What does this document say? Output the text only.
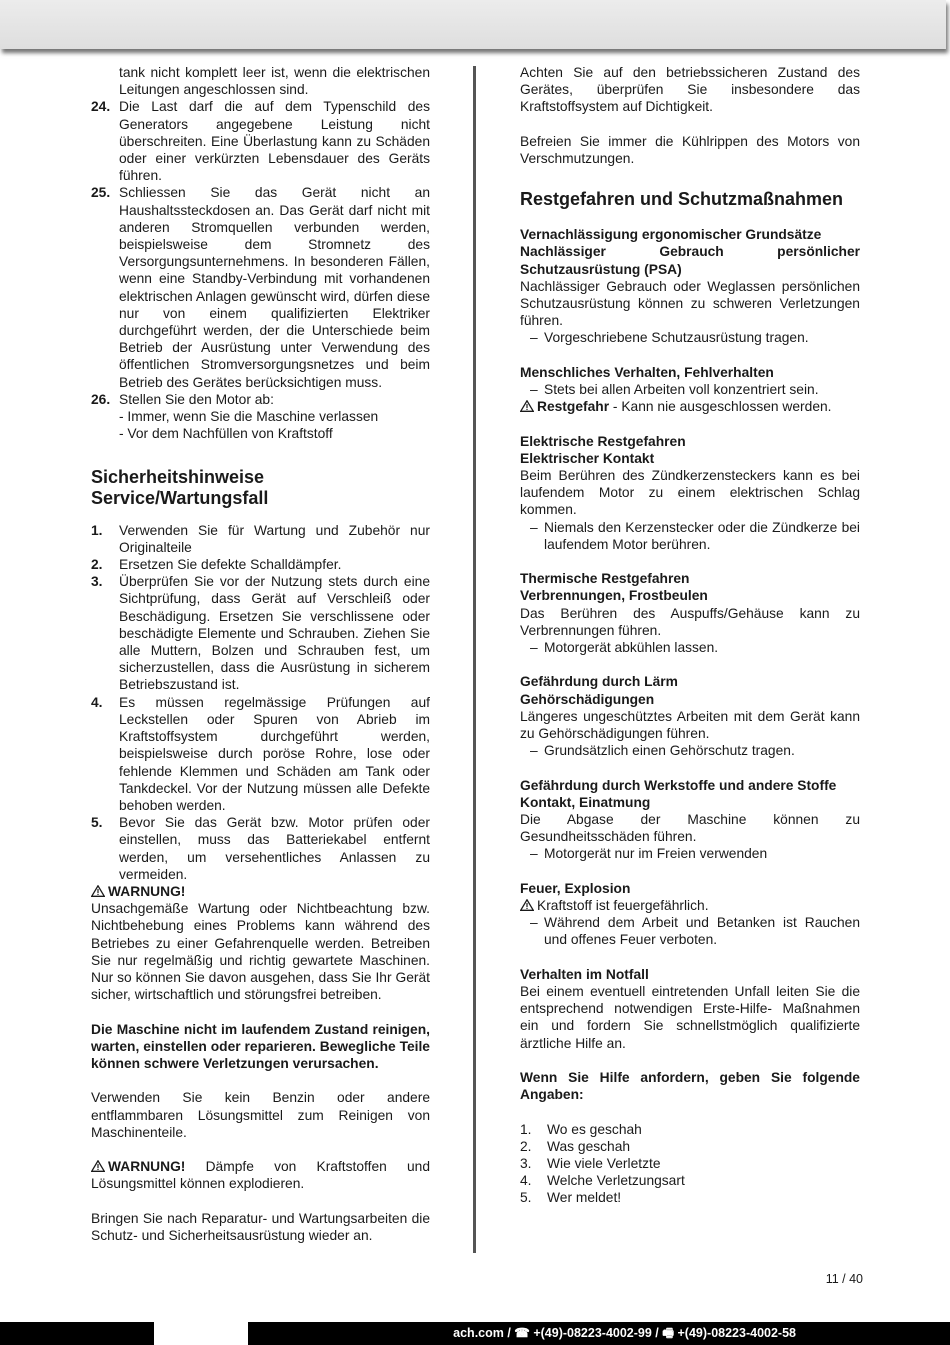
tank nicht komplett leer ist, wenn die elektrischen Leitungen angeschlossen sind.

24. Die Last darf die auf dem Typenschild des Generators angegebene Leistung nicht überschreiten. Eine Überlastung kann zu Schäden oder einer verkürzten Lebensdauer des Geräts führen.
25. Schliessen Sie das Gerät nicht an Haushaltssteckdosen an. Das Gerät darf nicht mit anderen Stromquellen verbunden werden, beispielsweise dem Stromnetz des Versorgungsunternehmens. In besonderen Fällen, wenn eine Standby-Verbindung mit vorhandenen elektrischen Anlagen gewünscht wird, dürfen diese nur von einem qualifizierten Elektriker durchgeführt werden, der die Unterschiede beim Betrieb der Ausrüstung unter Verwendung des öffentlichen Stromversorgungsnetzes und beim Betrieb des Gerätes berücksichtigen muss.
26. Stellen Sie den Motor ab:

- Immer, wenn Sie die Maschine verlassen

- Vor dem Nachfüllen von Kraftstoff

Sicherheitshinweise Service/Wartungsfall
1.	Verwenden Sie für Wartung und Zubehör nur Originalteile
2.	Ersetzen Sie defekte Schalldämpfer.
3.	Überprüfen Sie vor der Nutzung stets durch eine Sichtprüfung, dass Gerät auf Verschleiß oder Beschädigung. Ersetzen Sie verschlissene oder beschädigte Elemente und Schrauben. Ziehen Sie alle Muttern, Bolzen und Schrauben fest, um sicherzustellen, dass die Ausrüstung in sicherem Betriebszustand ist.
4.	Es müssen regelmässige Prüfungen auf Leckstellen oder Spuren von Abrieb im Kraftstoffsystem durchgeführt werden, beispielsweise durch poröse Rohre, lose oder fehlende Klemmen und Schäden am Tank oder Tankdeckel. Vor der Nutzung müssen alle Defekte behoben werden.
5.	Bevor Sie das Gerät bzw. Motor prüfen oder einstellen, muss das Batteriekabel entfernt werden, um versehentliches Anlassen zu vermeiden.

WARNUNG!

Unsachgemäße Wartung oder Nichtbeachtung bzw. Nichtbehebung eines Problems kann während des Betriebes zu einer Gefahrenquelle werden. Betreiben Sie nur regelmäßig und richtig gewartete Maschinen. Nur so können Sie davon ausgehen, dass Sie Ihr Gerät sicher, wirtschaftlich und störungsfrei betreiben.

Die Maschine nicht im laufendem Zustand reinigen, warten, einstellen oder reparieren. Bewegliche Teile können schwere Verletzungen verursachen.

Verwenden Sie kein Benzin oder andere entflammbaren Lösungsmittel zum Reinigen von Maschinenteile.

WARNUNG! Dämpfe von Kraftstoffen und Lösungsmittel können explodieren.

Bringen Sie nach Reparatur- und Wartungsarbeiten die Schutz- und Sicherheitsausrüstung wieder an.

Achten Sie auf den betriebssicheren Zustand des Gerätes, überprüfen Sie insbesondere das Kraftstoffsystem auf Dichtigkeit.

Befreien Sie immer die Kühlrippen des Motors von Verschmutzungen.

Restgefahren und Schutzmaßnahmen

Vernachlässigung ergonomischer Grundsätze

Nachlässiger Gebrauch persönlicher Schutzausrüstung (PSA)

Nachlässiger Gebrauch oder Weglassen persönlichen Schutzausrüstung können zu schweren Verletzungen führen.

– Vorgeschriebene Schutzausrüstung tragen.

Menschliches Verhalten, Fehlverhalten

– Stets bei allen Arbeiten voll konzentriert sein.

Restgefahr - Kann nie ausgeschlossen werden.

Elektrische Restgefahren

Elektrischer Kontakt

Beim Berühren des Zündkerzensteckers kann es bei laufendem Motor zu einem elektrischen Schlag kommen.

– Niemals den Kerzenstecker oder die Zündkerze bei laufendem Motor berühren.

Thermische Restgefahren

Verbrennungen, Frostbeulen

Das Berühren des Auspuffs/Gehäuse kann zu Verbrennungen führen.

– Motorgerät abkühlen lassen.

Gefährdung durch Lärm

Gehörschädigungen

Längeres ungeschütztes Arbeiten mit dem Gerät kann zu Gehörschädigungen führen.

– Grundsätzlich einen Gehörschutz tragen.

Gefährdung durch Werkstoffe und andere Stoffe

Kontakt, Einatmung

Die Abgase der Maschine können zu Gesundheitsschäden führen.

– Motorgerät nur im Freien verwenden

Feuer, Explosion

Kraftstoff ist feuergefährlich.

– Während dem Arbeit und Betanken ist Rauchen und offenes Feuer verboten.

Verhalten im Notfall

Bei einem eventuell eintretenden Unfall leiten Sie die entsprechend notwendigen Erste-Hilfe- Maßnahmen ein und fordern Sie schnellstmöglich qualifizierte ärztliche Hilfe an.

Wenn Sie Hilfe anfordern, geben Sie folgende Angaben:

1.	Wo es geschah
2.	Was geschah
3.	Wie viele Verletzte
4.	Welche Verletzungsart
5.	Wer meldet!
11 / 40
ach.com / ☎ +(49)-08223-4002-99 / 🖷 +(49)-08223-4002-58
